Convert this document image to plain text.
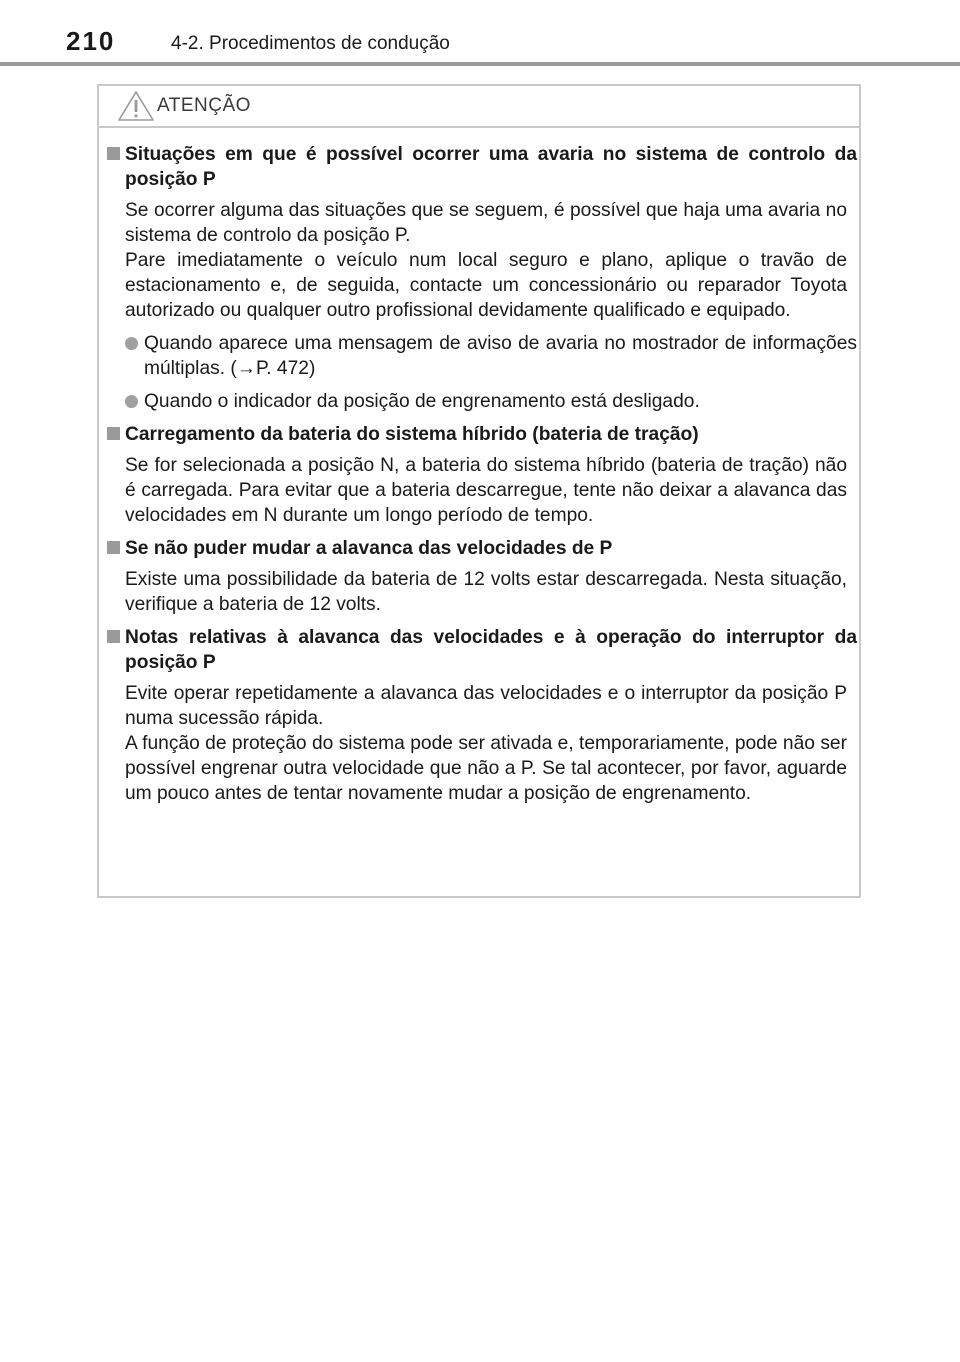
210	4-2. Procedimentos de condução
ATENÇÃO
Situações em que é possível ocorrer uma avaria no sistema de controlo da posição P
Se ocorrer alguma das situações que se seguem, é possível que haja uma avaria no sistema de controlo da posição P.
Pare imediatamente o veículo num local seguro e plano, aplique o travão de estacionamento e, de seguida, contacte um concessionário ou reparador Toyota autorizado ou qualquer outro profissional devidamente qualificado e equipado.
Quando aparece uma mensagem de aviso de avaria no mostrador de informações múltiplas. (→P. 472)
Quando o indicador da posição de engrenamento está desligado.
Carregamento da bateria do sistema híbrido (bateria de tração)
Se for selecionada a posição N, a bateria do sistema híbrido (bateria de tração) não é carregada. Para evitar que a bateria descarregue, tente não deixar a alavanca das velocidades em N durante um longo período de tempo.
Se não puder mudar a alavanca das velocidades de P
Existe uma possibilidade da bateria de 12 volts estar descarregada. Nesta situação, verifique a bateria de 12 volts.
Notas relativas à alavanca das velocidades e à operação do interruptor da posição P
Evite operar repetidamente a alavanca das velocidades e o interruptor da posição P numa sucessão rápida.
A função de proteção do sistema pode ser ativada e, temporariamente, pode não ser possível engrenar outra velocidade que não a P. Se tal acontecer, por favor, aguarde um pouco antes de tentar novamente mudar a posição de engrenamento.
